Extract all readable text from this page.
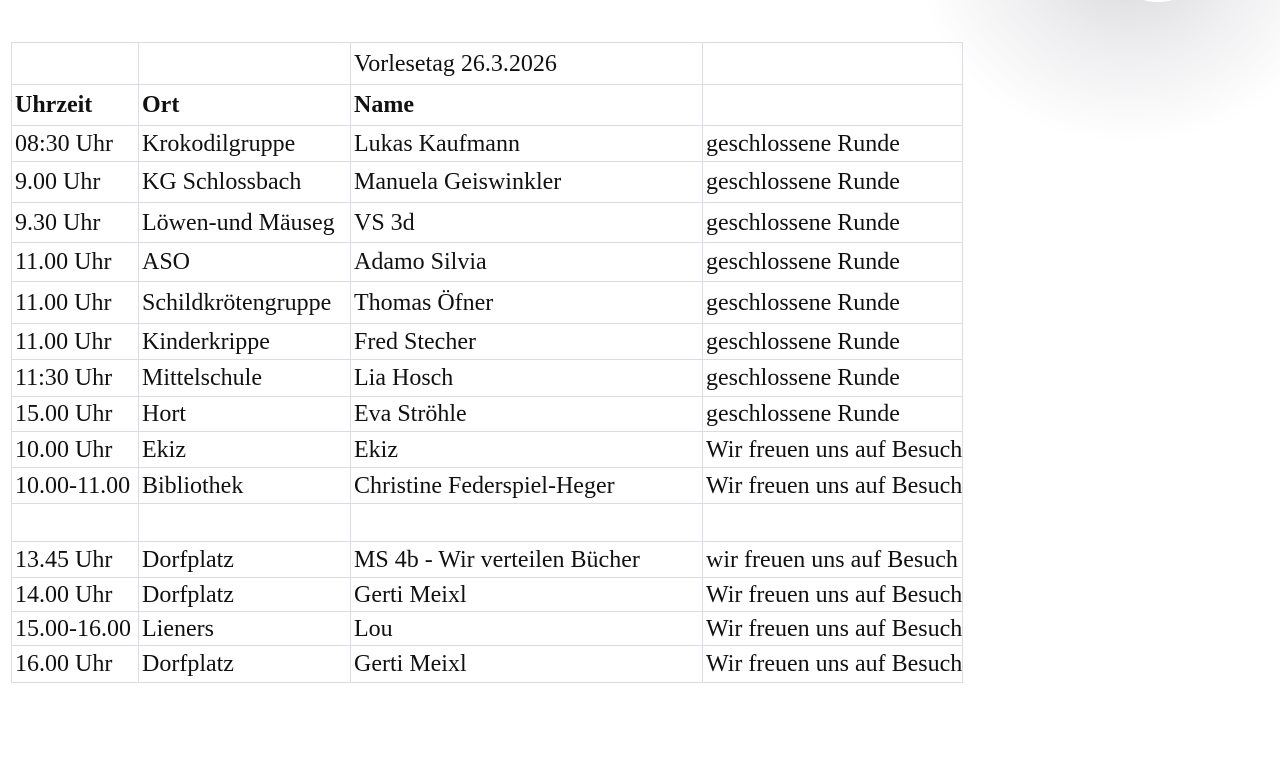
		Vorlesetag 26.3.2026	
Uhrzeit	Ort	Name	
08:30 Uhr	Krokodilgruppe	Lukas Kaufmann	geschlossene Runde
9.00 Uhr	KG Schlossbach	Manuela Geiswinkler	geschlossene Runde
9.30 Uhr	Löwen-und Mäuseg	VS 3d	geschlossene Runde
11.00 Uhr	ASO	Adamo Silvia	geschlossene Runde
11.00 Uhr	Schildkrötengruppe	Thomas Öfner	geschlossene Runde
11.00 Uhr	Kinderkrippe	Fred Stecher	geschlossene Runde
11:30 Uhr	Mittelschule	Lia Hosch	geschlossene Runde
15.00 Uhr	Hort	Eva Ströhle	geschlossene Runde
10.00 Uhr	Ekiz	Ekiz	Wir freuen uns auf Besuch
10.00-11.00	Bibliothek	Christine Federspiel-Heger	Wir freuen uns auf Besuch

13.45 Uhr	Dorfplatz	MS 4b - Wir verteilen Bücher	wir freuen uns auf Besuch
14.00 Uhr	Dorfplatz	Gerti Meixl	Wir freuen uns auf Besuch
15.00-16.00	Lieners	Lou	Wir freuen uns auf Besuch
16.00 Uhr	Dorfplatz	Gerti Meixl	Wir freuen uns auf Besuch
